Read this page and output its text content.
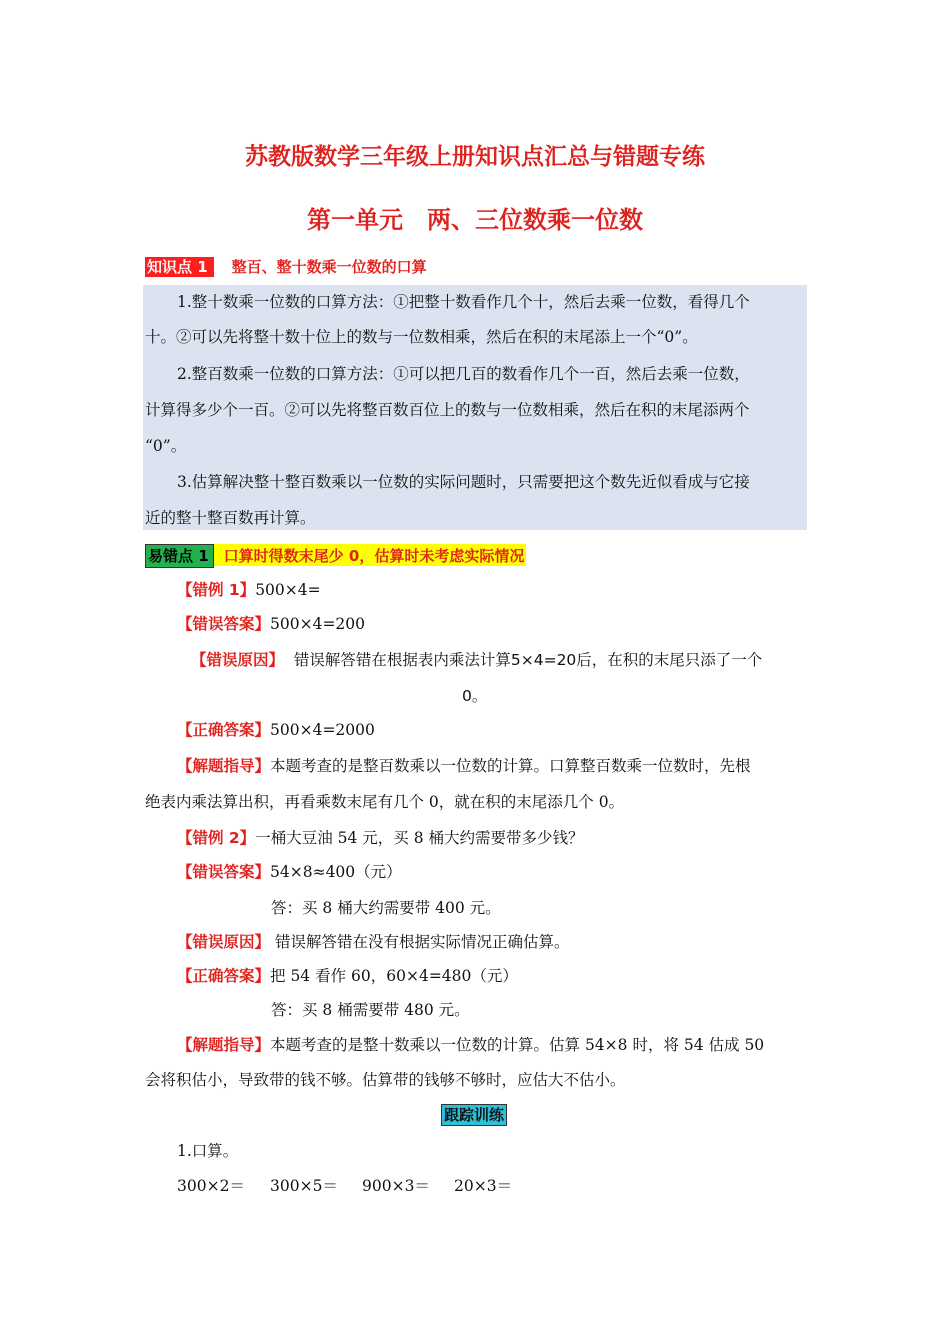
苏教版数学三年级上册知识点汇总与错题专练
第一单元　两、三位数乘一位数
知识点 1 整百、整十数乘一位数的口算
1.整十数乘一位数的口算方法：①把整十数看作几个十，然后去乘一位数，看得几个
十。②可以先将整十数十位上的数与一位数相乘，然后在积的末尾添上一个“0”。
2.整百数乘一位数的口算方法：①可以把几百的数看作几个一百，然后去乘一位数，
计算得多少个一百。②可以先将整百数百位上的数与一位数相乘，然后在积的末尾添两个
“0”。
3.估算解决整十整百数乘以一位数的实际问题时，只需要把这个数先近似看成与它接
近的整十整百数再计算。
易错点 1 口算时得数末尾少 0，估算时未考虑实际情况
【错例 1】500×4=
【错误答案】500×4=200
【错误原因】 错误解答错在根据表内乘法计算5×4=20后，在积的末尾只添了一个
0。
【正确答案】500×4=2000
【解题指导】本题考查的是整百数乘以一位数的计算。口算整百数乘一位数时，先根
绝表内乘法算出积，再看乘数末尾有几个 0，就在积的末尾添几个 0。
【错例 2】一桶大豆油 54 元，买 8 桶大约需要带多少钱？
【错误答案】54×8≈400（元）
答：买 8 桶大约需要带 400 元。
【错误原因】 错误解答错在没有根据实际情况正确估算。
【正确答案】把 54 看作 60，60×4=480（元）
答：买 8 桶需要带 480 元。
【解题指导】本题考查的是整十数乘以一位数的计算。估算 54×8 时，将 54 估成 50
会将积估小，导致带的钱不够。估算带的钱够不够时，应估大不估小。
跟踪训练
1.口算。
300×2＝ 300×5＝ 900×3＝ 20×3＝
